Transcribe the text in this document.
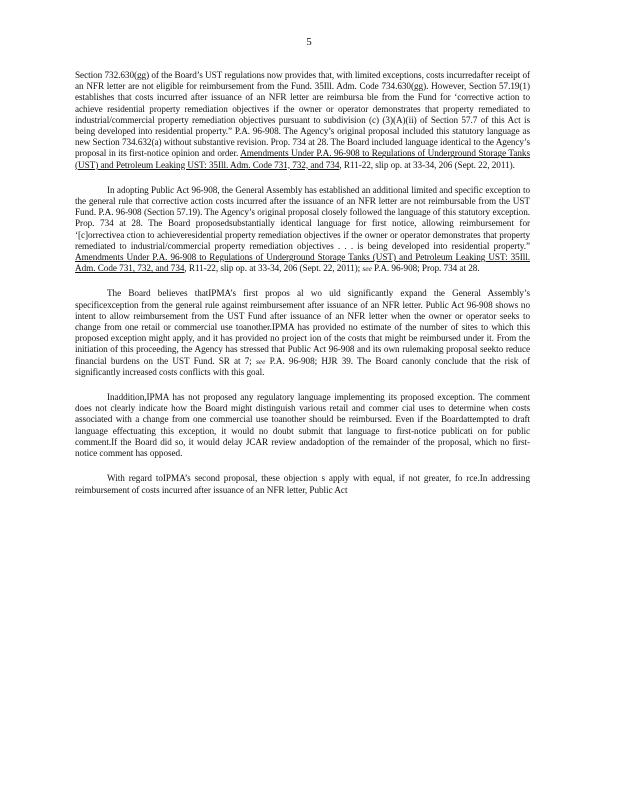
5

Section 732.630(gg) of the Board’s UST regulations now provides that, with limited exceptions, costs incurredafter receipt of an NFR letter are not eligible for reimbursement from the Fund. 35Ill. Adm. Code 734.630(gg). However, Section 57.19(1) establishes that costs incurred after issuance of an NFR letter are reimbursa ble from the Fund for ‘corrective action to achieve residential property remediation objectives if the owner or operator demonstrates that property remediated to industrial/commercial property remediation objectives pursuant to subdivision (c) (3)(A)(ii) of Section 57.7 of this Act is being developed into residential property.” P.A. 96-908. The Agency’s original proposal included this statutory language as new Section 734.632(a) without substantive revision. Prop. 734 at 28. The Board included language identical to the Agency’s proposal in its first-notice opinion and order. Amendments Under P.A. 96-908 to Regulations of Underground Storage Tanks (UST) and Petroleum Leaking UST: 35Ill. Adm. Code 731, 732, and 734, R11-22, slip op. at 33-34, 206 (Sept. 22, 2011).

In adopting Public Act 96-908, the General Assembly has established an additional limited and specific exception to the general rule that corrective action costs incurred after the issuance of an NFR letter are not reimbursable from the UST Fund. P.A. 96-908 (Section 57.19). The Agency’s original proposal closely followed the language of this statutory exception. Prop. 734 at 28. The Board proposedsubstantially identical language for first notice, allowing reimbursement for ‘[c]orrectivea ction to achieveresidential property remediation objectives if the owner or operator demonstrates that property remediated to industrial/commercial property remediation objectives . . . is being developed into residential property.” Amendments Under P.A. 96-908 to Regulations of Underground Storage Tanks (UST) and Petroleum Leaking UST: 35Ill. Adm. Code 731, 732, and 734, R11-22, slip op. at 33-34, 206 (Sept. 22, 2011); see P.A. 96-908; Prop. 734 at 28.

The Board believes thatIPMA’s first propos al wo uld significantly expand the General Assembly’s specificexception from the general rule against reimbursement after issuance of an NFR letter. Public Act 96-908 shows no intent to allow reimbursement from the UST Fund after issuance of an NFR letter when the owner or operator seeks to change from one retail or commercial use toanother.IPMA has provided no estimate of the number of sites to which this proposed exception might apply, and it has provided no project ion of the costs that might be reimbursed under it. From the initiation of this proceeding, the Agency has stressed that Public Act 96-908 and its own rulemaking proposal seekto reduce financial burdens on the UST Fund. SR at 7; see P.A. 96-908; HJR 39. The Board canonly conclude that the risk of significantly increased costs conflicts with this goal.

Inaddition,IPMA has not proposed any regulatory language implementing its proposed exception. The comment does not clearly indicate how the Board might distinguish various retail and commer cial uses to determine when costs associated with a change from one commercial use toanother should be reimbursed. Even if the Boardattempted to draft language effectuating this exception, it would no doubt submit that language to first-notice publicati on for public comment.If the Board did so, it would delay JCAR review andadoption of the remainder of the proposal, which no first-notice comment has opposed.

With regard toIPMA’s second proposal, these objection s apply with equal, if not greater, fo rce.In addressing reimbursement of costs incurred after issuance of an NFR letter, Public Act
